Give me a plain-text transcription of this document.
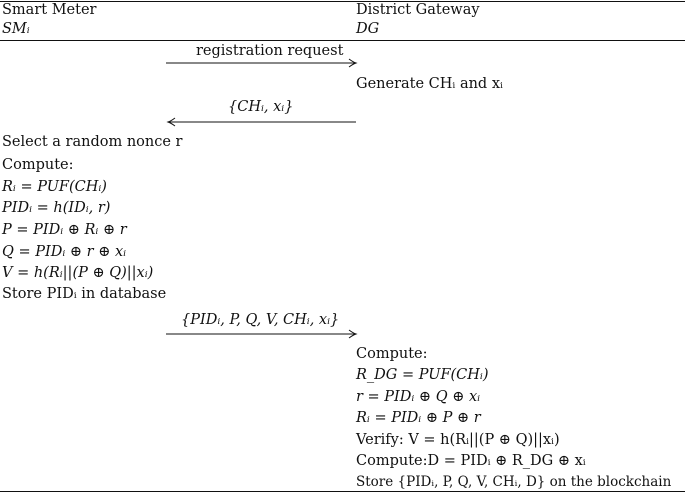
Smart Meter
SMᵢ
District Gateway
DG
registration request
Generate CHᵢ and xᵢ
{CHᵢ, xᵢ}
Select a random nonce r
Compute:
Rᵢ = PUF(CHᵢ)
PIDᵢ = h(IDᵢ, r)
P = PIDᵢ ⊕ Rᵢ ⊕ r
Q = PIDᵢ ⊕ r ⊕ xᵢ
V = h(Rᵢ||(P ⊕ Q)||xᵢ)
Store PIDᵢ in database
{PIDᵢ, P, Q, V, CHᵢ, xᵢ}
Compute:
R_DG = PUF(CHᵢ)
r = PIDᵢ ⊕ Q ⊕ xᵢ
Rᵢ = PIDᵢ ⊕ P ⊕ r
Verify: V = h(Rᵢ||(P ⊕ Q)||xᵢ)
Compute:D = PIDᵢ ⊕ R_DG ⊕ xᵢ
Store {PIDᵢ, P, Q, V, CHᵢ, D} on the blockchain
